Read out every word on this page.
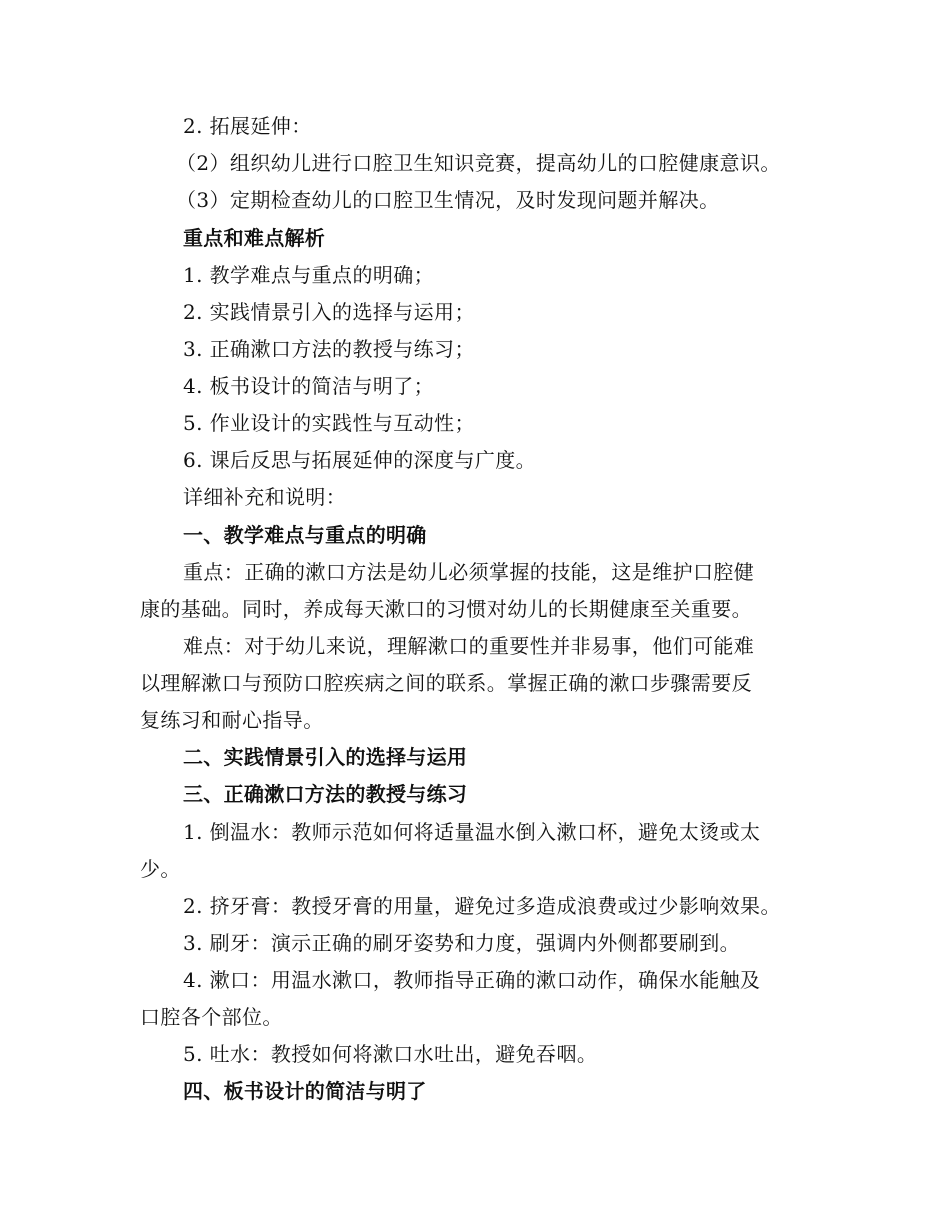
2. 拓展延伸：
（2）组织幼儿进行口腔卫生知识竞赛，提高幼儿的口腔健康意识。
（3）定期检查幼儿的口腔卫生情况，及时发现问题并解决。
重点和难点解析
1. 教学难点与重点的明确；
2. 实践情景引入的选择与运用；
3. 正确漱口方法的教授与练习；
4. 板书设计的简洁与明了；
5. 作业设计的实践性与互动性；
6. 课后反思与拓展延伸的深度与广度。
详细补充和说明：
一、教学难点与重点的明确
重点：正确的漱口方法是幼儿必须掌握的技能，这是维护口腔健
康的基础。同时，养成每天漱口的习惯对幼儿的长期健康至关重要。
难点：对于幼儿来说，理解漱口的重要性并非易事，他们可能难
以理解漱口与预防口腔疾病之间的联系。掌握正确的漱口步骤需要反
复练习和耐心指导。
二、实践情景引入的选择与运用
三、正确漱口方法的教授与练习
1. 倒温水：教师示范如何将适量温水倒入漱口杯，避免太烫或太
少。
2. 挤牙膏：教授牙膏的用量，避免过多造成浪费或过少影响效果。
3. 刷牙：演示正确的刷牙姿势和力度，强调内外侧都要刷到。
4. 漱口：用温水漱口，教师指导正确的漱口动作，确保水能触及
口腔各个部位。
5. 吐水：教授如何将漱口水吐出，避免吞咽。
四、板书设计的简洁与明了
